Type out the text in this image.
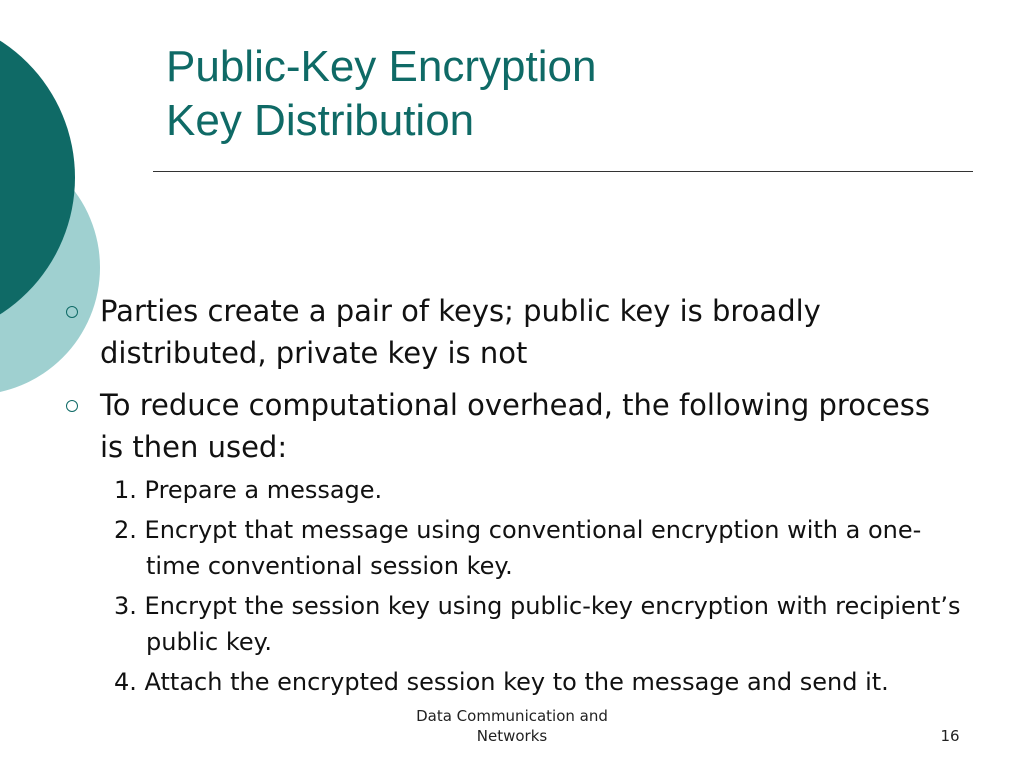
Public-Key Encryption
Key Distribution
Parties create a pair of keys; public key is broadly distributed, private key is not
To reduce computational overhead, the following process is then used:
1. Prepare a message.
2. Encrypt that message using conventional encryption with a one-time conventional session key.
3. Encrypt the session key using public-key encryption with recipient’s public key.
4. Attach the encrypted session key to the message and send it.
Data Communication and Networks	16
